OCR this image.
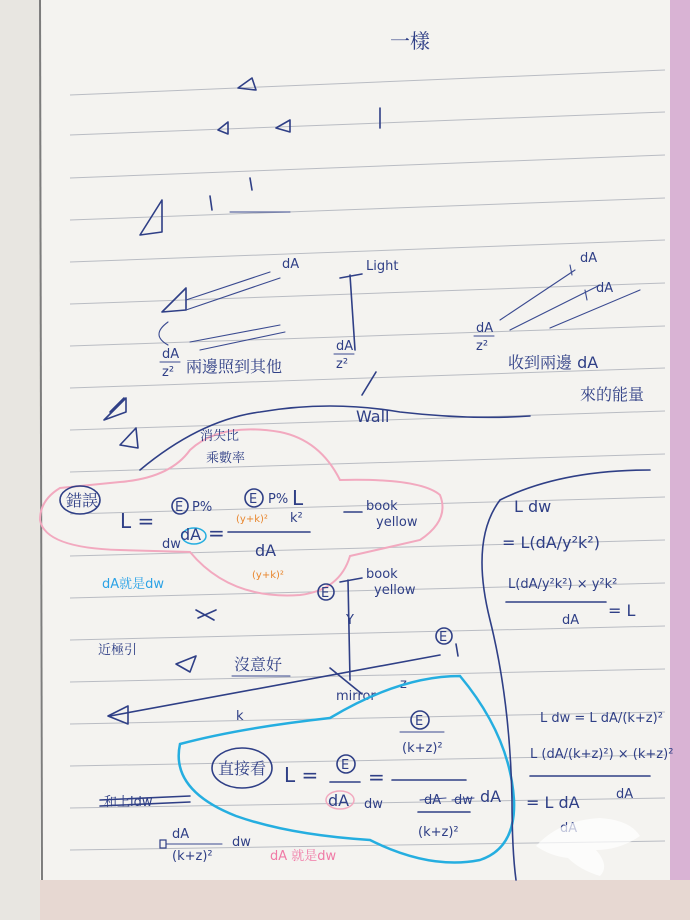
一樣
dA	Light
dA
z² 兩邊照到其他
dA
z²
dA
dA
dA
z²
收到兩邊 dA
來的能量
Wall
消失比
乘數率
錯誤
L =
E P%
dw
dA =
E P% L
k²
(y+k)²
dA
(y+k)²
book
yellow
dA就是dw
E
book
yellow
Y
E
近極引
沒意好
mirror
z
k
直接看 L = E
dA dw
=
E
(k+z)²
dA dw dA
(k+z)²
和上ldw
dA
(k+z)²
dw
dA 就是dw
L dw
= L(dA/y²k²)
L(dA/y²k²) × y²k²
dA
= L
L dw = L dA/(k+z)²
L (dA/(k+z)²) × (k+z)²
dA
= L dA
